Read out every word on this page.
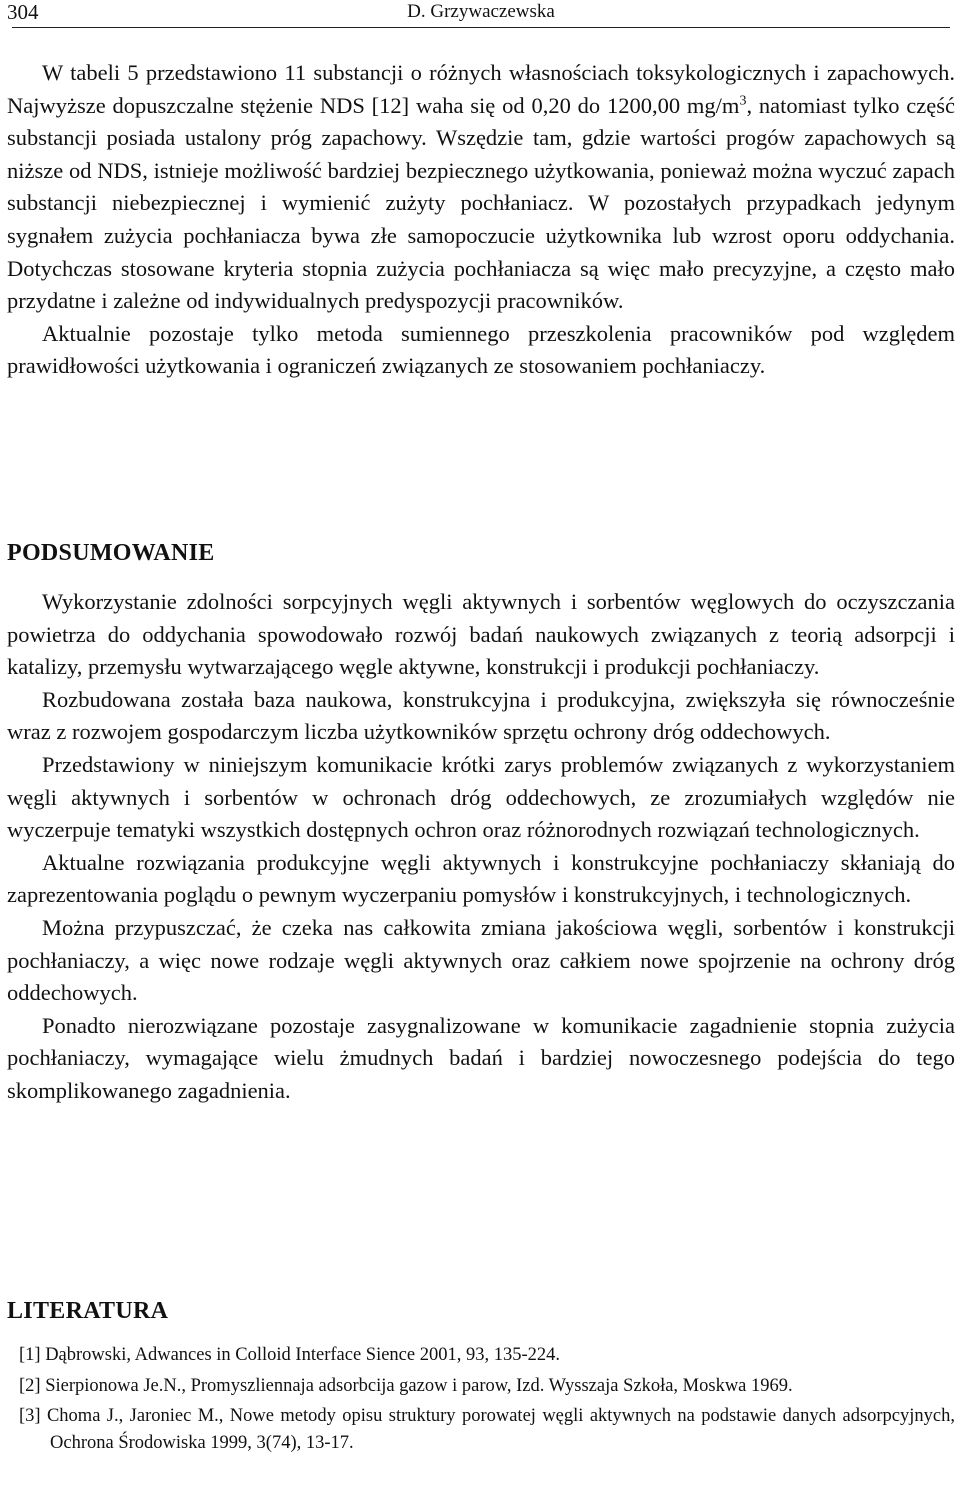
304	D. Grzywaczewska

W tabeli 5 przedstawiono 11 substancji o różnych własnościach toksykologicznych i zapachowych. Najwyższe dopuszczalne stężenie NDS [12] waha się od 0,20 do 1200,00 $mg/m^3$, natomiast tylko część substancji posiada ustalony próg zapachowy. Wszędzie tam, gdzie wartości progów zapachowych są niższe od NDS, istnieje możliwość bardziej bezpiecznego użytkowania, ponieważ można wyczuć zapach substancji niebezpiecznej i wymienić zużyty pochłaniacz. W pozostałych przypadkach jedynym sygnałem zużycia pochłaniacza bywa złe samopoczucie użytkownika lub wzrost oporu oddychania. Dotychczas stosowane kryteria stopnia zużycia pochłaniacza są więc mało precyzyjne, a często mało przydatne i zależne od indywidualnych predyspozycji pracowników.

Aktualnie pozostaje tylko metoda sumiennego przeszkolenia pracowników pod względem prawidłowości użytkowania i ograniczeń związanych ze stosowaniem pochłaniaczy.

PODSUMOWANIE

Wykorzystanie zdolności sorpcyjnych węgli aktywnych i sorbentów węglowych do oczyszczania powietrza do oddychania spowodowało rozwój badań naukowych związanych z teorią adsorpcji i katalizy, przemysłu wytwarzającego węgle aktywne, konstrukcji i produkcji pochłaniaczy.

Rozbudowana została baza naukowa, konstrukcyjna i produkcyjna, zwiększyła się równocześnie wraz z rozwojem gospodarczym liczba użytkowników sprzętu ochrony dróg oddechowych.

Przedstawiony w niniejszym komunikacie krótki zarys problemów związanych z wykorzystaniem węgli aktywnych i sorbentów w ochronach dróg oddechowych, ze zrozumiałych względów nie wyczerpuje tematyki wszystkich dostępnych ochron oraz różnorodnych rozwiązań technologicznych.

Aktualne rozwiązania produkcyjne węgli aktywnych i konstrukcyjne pochłaniaczy skłaniają do zaprezentowania poglądu o pewnym wyczerpaniu pomysłów i konstrukcyjnych, i technologicznych.

Można przypuszczać, że czeka nas całkowita zmiana jakościowa węgli, sorbentów i konstrukcji pochłaniaczy, a więc nowe rodzaje węgli aktywnych oraz całkiem nowe spojrzenie na ochrony dróg oddechowych.

Ponadto nierozwiązane pozostaje zasygnalizowane w komunikacie zagadnienie stopnia zużycia pochłaniaczy, wymagające wielu żmudnych badań i bardziej nowoczesnego podejścia do tego skomplikowanego zagadnienia.

LITERATURA

[1] Dąbrowski, Adwances in Colloid Interface Sience 2001, 93, 135-224.

[2] Sierpionowa Je.N., Promyszliennaja adsorbcija gazow i parow, Izd. Wysszaja Szkoła, Moskwa 1969.

[3] Choma J., Jaroniec M., Nowe metody opisu struktury porowatej węgli aktywnych na podstawie danych adsorpcyjnych, Ochrona Środowiska 1999, 3(74), 13-17.
